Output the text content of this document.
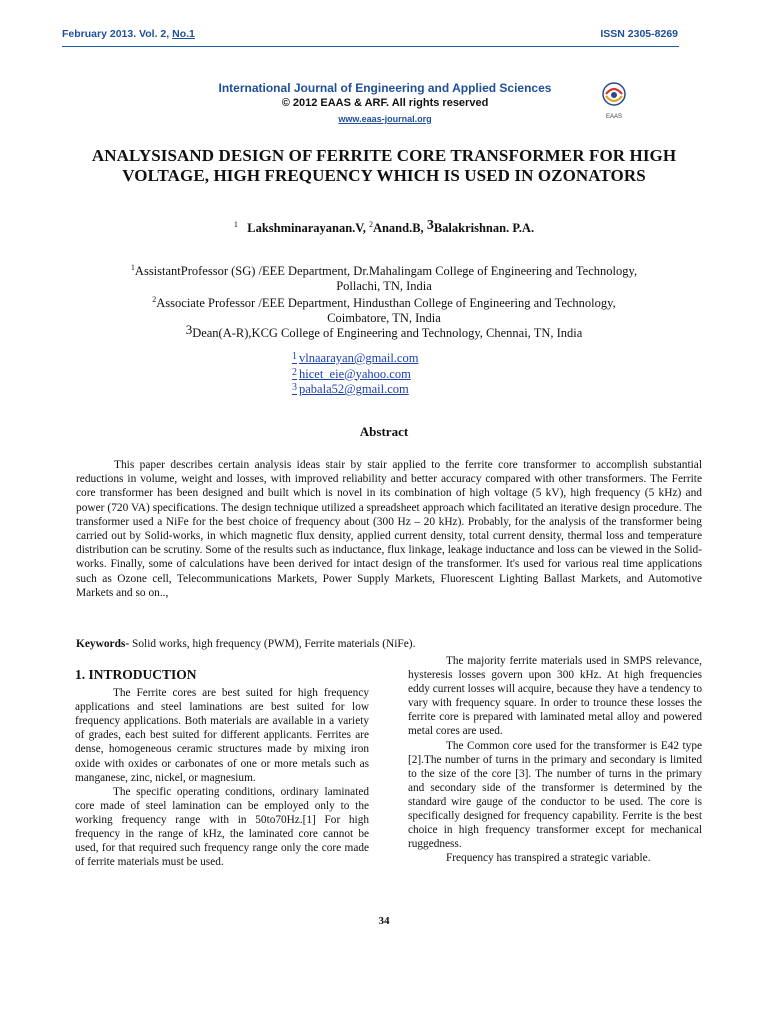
February 2013. Vol. 2, No.1	ISSN 2305-8269
International Journal of Engineering and Applied Sciences
© 2012 EAAS & ARF. All rights reserved
www.eaas-journal.org	EAAS
ANALYSISAND DESIGN OF FERRITE CORE TRANSFORMER FOR HIGH VOLTAGE, HIGH FREQUENCY WHICH IS USED IN OZONATORS
$^1$ Lakshminarayanan.V, $^2$Anand.B, 3Balakrishnan. P.A.
$^1$AssistantProfessor (SG) /EEE Department, Dr.Mahalingam College of Engineering and Technology,
Pollachi, TN, India
$^2$Associate Professor /EEE Department, Hindusthan College of Engineering and Technology,
Coimbatore, TN, India
3Dean(A-R),KCG College of Engineering and Technology, Chennai, TN, India
$^1$ vlnaarayan@gmail.com
$^2$ hicet_eie@yahoo.com
$^3$ pabala52@gmail.com
Abstract
This paper describes certain analysis ideas stair by stair applied to the ferrite core transformer to accomplish substantial reductions in volume, weight and losses, with improved reliability and better accuracy compared with other transformers. The Ferrite core transformer has been designed and built which is novel in its combination of high voltage (5 kV), high frequency (5 kHz) and power (720 VA) specifications. The design technique utilized a spreadsheet approach which facilitated an iterative design procedure. The transformer used a NiFe for the best choice of frequency about (300 Hz – 20 kHz). Probably, for the analysis of the transformer being carried out by Solid-works, in which magnetic flux density, applied current density, total current density, thermal loss and temperature distribution can be scrutiny. Some of the results such as inductance, flux linkage, leakage inductance and loss can be viewed in the Solid-works. Finally, some of calculations have been derived for intact design of the transformer. It's used for various real time applications such as Ozone cell, Telecommunications Markets, Power Supply Markets, Fluorescent Lighting Ballast Markets, and Automotive Markets and so on..,
Keywords- Solid works, high frequency (PWM), Ferrite materials (NiFe).
1. INTRODUCTION

The Ferrite cores are best suited for high frequency applications and steel laminations are best suited for low frequency applications. Both materials are available in a variety of grades, each best suited for different applicants. Ferrites are dense, homogeneous ceramic structures made by mixing iron oxide with oxides or carbonates of one or more metals such as manganese, zinc, nickel, or magnesium.

The specific operating conditions, ordinary laminated core made of steel lamination can be employed only to the working frequency range with in 50to70Hz.[1] For high frequency in the range of kHz, the laminated core cannot be used, for that required such frequency range only the core made of ferrite materials must be used.

The majority ferrite materials used in SMPS relevance, hysteresis losses govern upon 300 kHz. At high frequencies eddy current losses will acquire, because they have a tendency to vary with frequency square. In order to trounce these losses the ferrite core is prepared with laminated metal alloy and powered metal cores are used.

The Common core used for the transformer is E42 type [2].The number of turns in the primary and secondary is limited to the size of the core [3]. The number of turns in the primary and secondary side of the transformer is determined by the standard wire gauge of the conductor to be used. The core is specifically designed for frequency capability. Ferrite is the best choice in high frequency transformer except for mechanical ruggedness.

Frequency has transpired a strategic variable.

34
